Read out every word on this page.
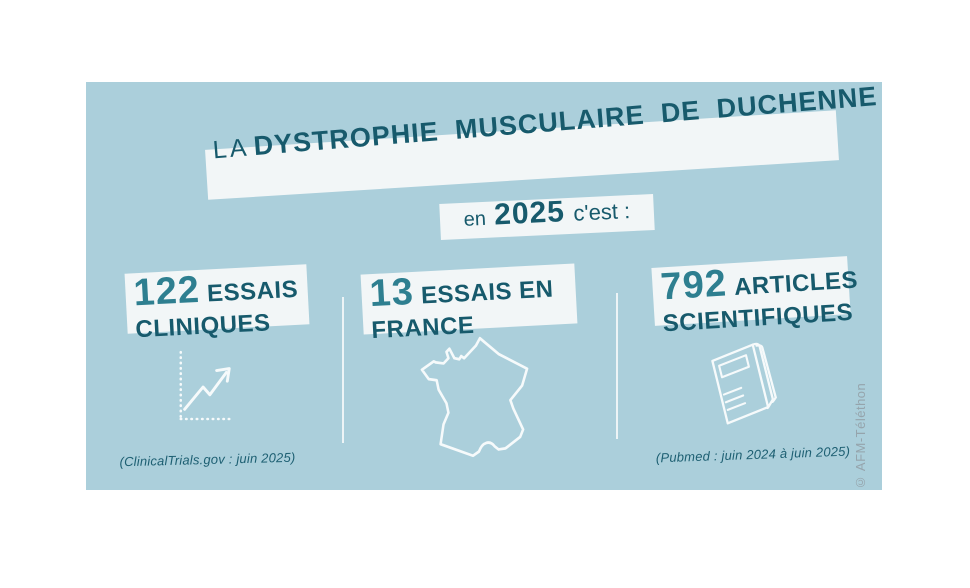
LA DYSTROPHIE MUSCULAIRE DE DUCHENNE
en 2025 c'est :
122 ESSAIS
CLINIQUES
13 ESSAIS EN
FRANCE
792 ARTICLES
SCIENTIFIQUES
(ClinicalTrials.gov : juin 2025)	(Pubmed : juin 2024 à juin 2025) © AFM-Téléthon
